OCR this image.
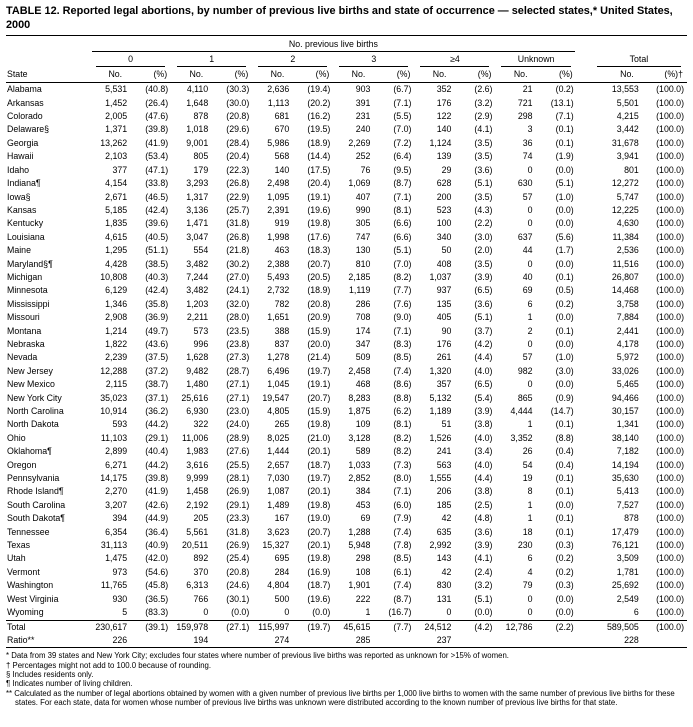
TABLE 12. Reported legal abortions, by number of previous live births and state of occurrence — selected states,* United States, 2000

	No. previous live births														

	0		1		2		3		≥4		Unknown			Total	

State	No.	(%)	No.	(%)	No.	(%)	No.	(%)	No.	(%)	No.	(%)		No.	(%)†
Alabama	5,531	(40.8)	4,110	(30.3)	2,636	(19.4)	903	(6.7)	352	(2.6)	21	(0.2)		13,553	(100.0)
Arkansas	1,452	(26.4)	1,648	(30.0)	1,113	(20.2)	391	(7.1)	176	(3.2)	721	(13.1)		5,501	(100.0)
Colorado	2,005	(47.6)	878	(20.8)	681	(16.2)	231	(5.5)	122	(2.9)	298	(7.1)		4,215	(100.0)
Delaware§	1,371	(39.8)	1,018	(29.6)	670	(19.5)	240	(7.0)	140	(4.1)	3	(0.1)		3,442	(100.0)
Georgia	13,262	(41.9)	9,001	(28.4)	5,986	(18.9)	2,269	(7.2)	1,124	(3.5)	36	(0.1)		31,678	(100.0)
Hawaii	2,103	(53.4)	805	(20.4)	568	(14.4)	252	(6.4)	139	(3.5)	74	(1.9)		3,941	(100.0)
Idaho	377	(47.1)	179	(22.3)	140	(17.5)	76	(9.5)	29	(3.6)	0	(0.0)		801	(100.0)
Indiana¶	4,154	(33.8)	3,293	(26.8)	2,498	(20.4)	1,069	(8.7)	628	(5.1)	630	(5.1)		12,272	(100.0)
Iowa§	2,671	(46.5)	1,317	(22.9)	1,095	(19.1)	407	(7.1)	200	(3.5)	57	(1.0)		5,747	(100.0)
Kansas	5,185	(42.4)	3,136	(25.7)	2,391	(19.6)	990	(8.1)	523	(4.3)	0	(0.0)		12,225	(100.0)
Kentucky	1,835	(39.6)	1,471	(31.8)	919	(19.8)	305	(6.6)	100	(2.2)	0	(0.0)		4,630	(100.0)
Louisiana	4,615	(40.5)	3,047	(26.8)	1,998	(17.6)	747	(6.6)	340	(3.0)	637	(5.6)		11,384	(100.0)
Maine	1,295	(51.1)	554	(21.8)	463	(18.3)	130	(5.1)	50	(2.0)	44	(1.7)		2,536	(100.0)
Maryland§¶	4,428	(38.5)	3,482	(30.2)	2,388	(20.7)	810	(7.0)	408	(3.5)	0	(0.0)		11,516	(100.0)
Michigan	10,808	(40.3)	7,244	(27.0)	5,493	(20.5)	2,185	(8.2)	1,037	(3.9)	40	(0.1)		26,807	(100.0)
Minnesota	6,129	(42.4)	3,482	(24.1)	2,732	(18.9)	1,119	(7.7)	937	(6.5)	69	(0.5)		14,468	(100.0)
Mississippi	1,346	(35.8)	1,203	(32.0)	782	(20.8)	286	(7.6)	135	(3.6)	6	(0.2)		3,758	(100.0)
Missouri	2,908	(36.9)	2,211	(28.0)	1,651	(20.9)	708	(9.0)	405	(5.1)	1	(0.0)		7,884	(100.0)
Montana	1,214	(49.7)	573	(23.5)	388	(15.9)	174	(7.1)	90	(3.7)	2	(0.1)		2,441	(100.0)
Nebraska	1,822	(43.6)	996	(23.8)	837	(20.0)	347	(8.3)	176	(4.2)	0	(0.0)		4,178	(100.0)
Nevada	2,239	(37.5)	1,628	(27.3)	1,278	(21.4)	509	(8.5)	261	(4.4)	57	(1.0)		5,972	(100.0)
New Jersey	12,288	(37.2)	9,482	(28.7)	6,496	(19.7)	2,458	(7.4)	1,320	(4.0)	982	(3.0)		33,026	(100.0)
New Mexico	2,115	(38.7)	1,480	(27.1)	1,045	(19.1)	468	(8.6)	357	(6.5)	0	(0.0)		5,465	(100.0)
New York City	35,023	(37.1)	25,616	(27.1)	19,547	(20.7)	8,283	(8.8)	5,132	(5.4)	865	(0.9)		94,466	(100.0)
North Carolina	10,914	(36.2)	6,930	(23.0)	4,805	(15.9)	1,875	(6.2)	1,189	(3.9)	4,444	(14.7)		30,157	(100.0)
North Dakota	593	(44.2)	322	(24.0)	265	(19.8)	109	(8.1)	51	(3.8)	1	(0.1)		1,341	(100.0)
Ohio	11,103	(29.1)	11,006	(28.9)	8,025	(21.0)	3,128	(8.2)	1,526	(4.0)	3,352	(8.8)		38,140	(100.0)
Oklahoma¶	2,899	(40.4)	1,983	(27.6)	1,444	(20.1)	589	(8.2)	241	(3.4)	26	(0.4)		7,182	(100.0)
Oregon	6,271	(44.2)	3,616	(25.5)	2,657	(18.7)	1,033	(7.3)	563	(4.0)	54	(0.4)		14,194	(100.0)
Pennsylvania	14,175	(39.8)	9,999	(28.1)	7,030	(19.7)	2,852	(8.0)	1,555	(4.4)	19	(0.1)		35,630	(100.0)
Rhode Island¶	2,270	(41.9)	1,458	(26.9)	1,087	(20.1)	384	(7.1)	206	(3.8)	8	(0.1)		5,413	(100.0)
South Carolina	3,207	(42.6)	2,192	(29.1)	1,489	(19.8)	453	(6.0)	185	(2.5)	1	(0.0)		7,527	(100.0)
South Dakota¶	394	(44.9)	205	(23.3)	167	(19.0)	69	(7.9)	42	(4.8)	1	(0.1)		878	(100.0)
Tennessee	6,354	(36.4)	5,561	(31.8)	3,623	(20.7)	1,288	(7.4)	635	(3.6)	18	(0.1)		17,479	(100.0)
Texas	31,113	(40.9)	20,511	(26.9)	15,327	(20.1)	5,948	(7.8)	2,992	(3.9)	230	(0.3)		76,121	(100.0)
Utah	1,475	(42.0)	892	(25.4)	695	(19.8)	298	(8.5)	143	(4.1)	6	(0.2)		3,509	(100.0)
Vermont	973	(54.6)	370	(20.8)	284	(16.9)	108	(6.1)	42	(2.4)	4	(0.2)		1,781	(100.0)
Washington	11,765	(45.8)	6,313	(24.6)	4,804	(18.7)	1,901	(7.4)	830	(3.2)	79	(0.3)		25,692	(100.0)
West Virginia	930	(36.5)	766	(30.1)	500	(19.6)	222	(8.7)	131	(5.1)	0	(0.0)		2,549	(100.0)
Wyoming	5	(83.3)	0	(0.0)	0	(0.0)	1	(16.7)	0	(0.0)	0	(0.0)		6	(100.0)
Total	230,617	(39.1)	159,978	(27.1)	115,997	(19.7)	45,615	(7.7)	24,512	(4.2)	12,786	(2.2)		589,505	(100.0)
Ratio**	226		194		274		285		237					228	
* Data from 39 states and New York City; excludes four states where number of previous live births was reported as unknown for >15% of women.
† Percentages might not add to 100.0 because of rounding.
§ Includes residents only.
¶ Indicates number of living children.
** Calculated as the number of legal abortions obtained by women with a given number of previous live births per 1,000 live births to women with the same number of previous live births for these states. For each state, data for women whose number of previous live births was unknown were distributed according to the known number of previous live births for that state.
